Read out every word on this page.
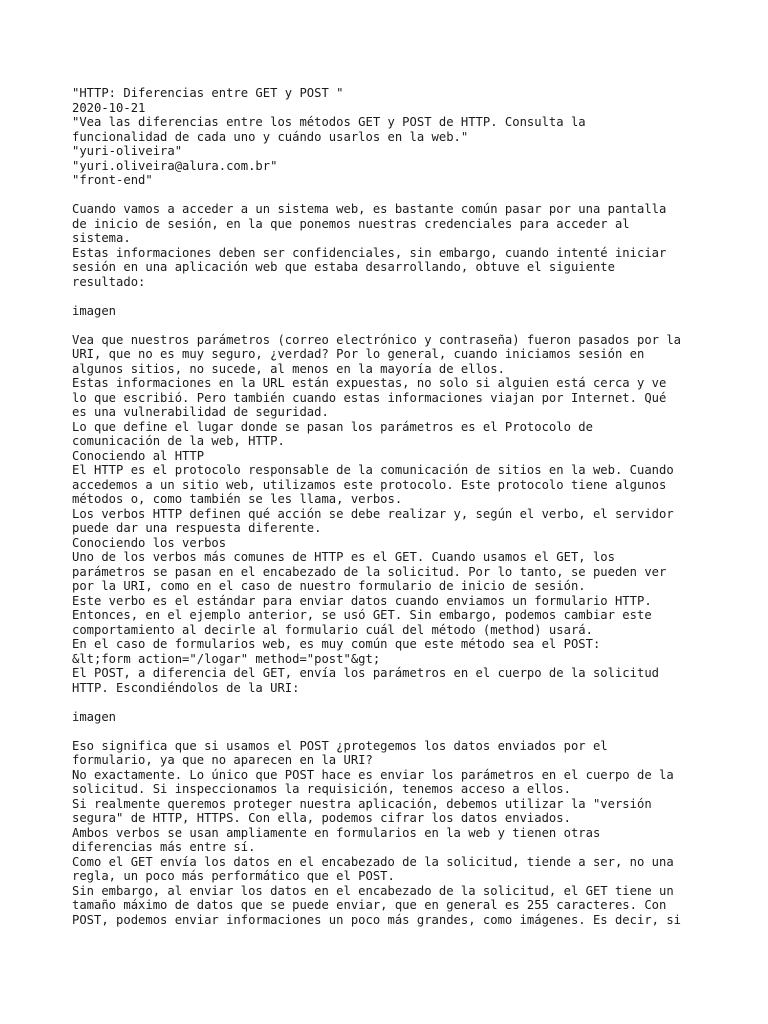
"HTTP: Diferencias entre GET y POST "
2020-10-21
"Vea las diferencias entre los métodos GET y POST de HTTP. Consulta la
funcionalidad de cada uno y cuándo usarlos en la web."
"yuri-oliveira"
"yuri.oliveira@alura.com.br"
"front-end"
Cuando vamos a acceder a un sistema web, es bastante común pasar por una pantalla
de inicio de sesión, en la que ponemos nuestras credenciales para acceder al
sistema.
Estas informaciones deben ser confidenciales, sin embargo, cuando intenté iniciar
sesión en una aplicación web que estaba desarrollando, obtuve el siguiente
resultado:
imagen
Vea que nuestros parámetros (correo electrónico y contraseña) fueron pasados por la
URI, que no es muy seguro, ¿verdad? Por lo general, cuando iniciamos sesión en
algunos sitios, no sucede, al menos en la mayoría de ellos.
Estas informaciones en la URL están expuestas, no solo si alguien está cerca y ve
lo que escribió. Pero también cuando estas informaciones viajan por Internet. Qué
es una vulnerabilidad de seguridad.
Lo que define el lugar donde se pasan los parámetros es el Protocolo de
comunicación de la web, HTTP.
Conociendo al HTTP
El HTTP es el protocolo responsable de la comunicación de sitios en la web. Cuando
accedemos a un sitio web, utilizamos este protocolo. Este protocolo tiene algunos
métodos o, como también se les llama, verbos.
Los verbos HTTP definen qué acción se debe realizar y, según el verbo, el servidor
puede dar una respuesta diferente.
Conociendo los verbos
Uno de los verbos más comunes de HTTP es el GET. Cuando usamos el GET, los
parámetros se pasan en el encabezado de la solicitud. Por lo tanto, se pueden ver
por la URI, como en el caso de nuestro formulario de inicio de sesión.
Este verbo es el estándar para enviar datos cuando enviamos un formulario HTTP.
Entonces, en el ejemplo anterior, se usó GET. Sin embargo, podemos cambiar este
comportamiento al decirle al formulario cuál del método (method) usará.
En el caso de formularios web, es muy común que este método sea el POST:
&lt;form action="/logar" method="post"&gt;
El POST, a diferencia del GET, envía los parámetros en el cuerpo de la solicitud
HTTP. Escondiéndolos de la URI:
imagen
Eso significa que si usamos el POST ¿protegemos los datos enviados por el
formulario, ya que no aparecen en la URI?
No exactamente. Lo único que POST hace es enviar los parámetros en el cuerpo de la
solicitud. Si inspeccionamos la requisición, tenemos acceso a ellos.
Si realmente queremos proteger nuestra aplicación, debemos utilizar la "versión
segura" de HTTP, HTTPS. Con ella, podemos cifrar los datos enviados.
Ambos verbos se usan ampliamente en formularios en la web y tienen otras
diferencias más entre sí.
Como el GET envía los datos en el encabezado de la solicitud, tiende a ser, no una
regla, un poco más performático que el POST.
Sin embargo, al enviar los datos en el encabezado de la solicitud, el GET tiene un
tamaño máximo de datos que se puede enviar, que en general es 255 caracteres. Con
POST, podemos enviar informaciones un poco más grandes, como imágenes. Es decir, si
